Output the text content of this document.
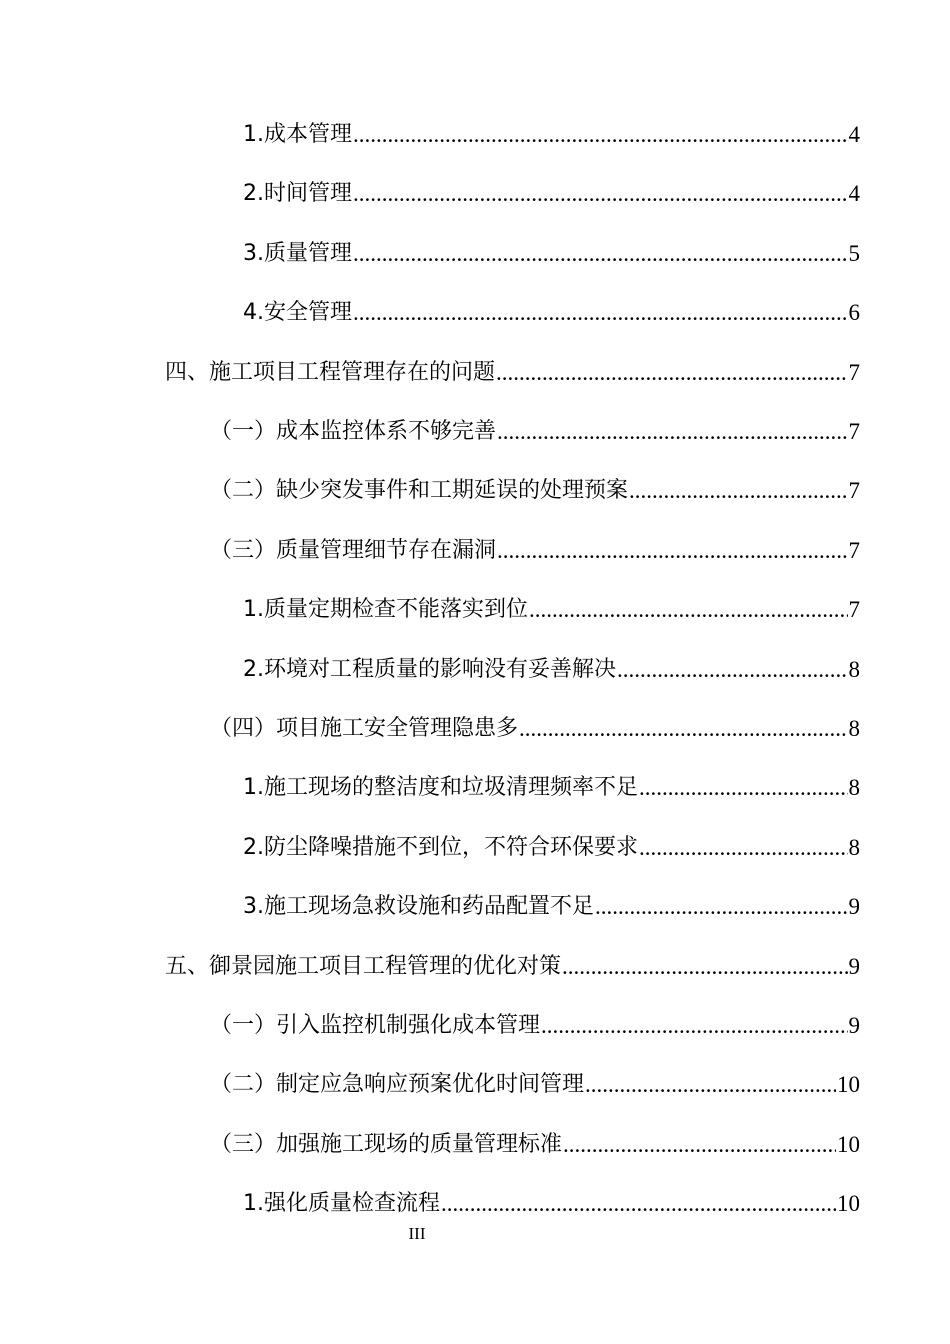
1.成本管理 .....	4
2.时间管理 .....	4
3.质量管理 .....	5
4.安全管理 .....	6
四、施工项目工程管理存在的问题 .....	7
（一）成本监控体系不够完善 .....	7
（二）缺少突发事件和工期延误的处理预案 .....	7
（三）质量管理细节存在漏洞 .....	7
1.质量定期检查不能落实到位 .....	7
2.环境对工程质量的影响没有妥善解决 .....	8
（四）项目施工安全管理隐患多 .....	8
1.施工现场的整洁度和垃圾清理频率不足 .....	8
2.防尘降噪措施不到位，不符合环保要求 .....	8
3.施工现场急救设施和药品配置不足 .....	9
五、御景园施工项目工程管理的优化对策 .....	9
（一）引入监控机制强化成本管理 .....	9
（二）制定应急响应预案优化时间管理 .....	10
（三）加强施工现场的质量管理标准 .....	10
1.强化质量检查流程 .....	10
III
